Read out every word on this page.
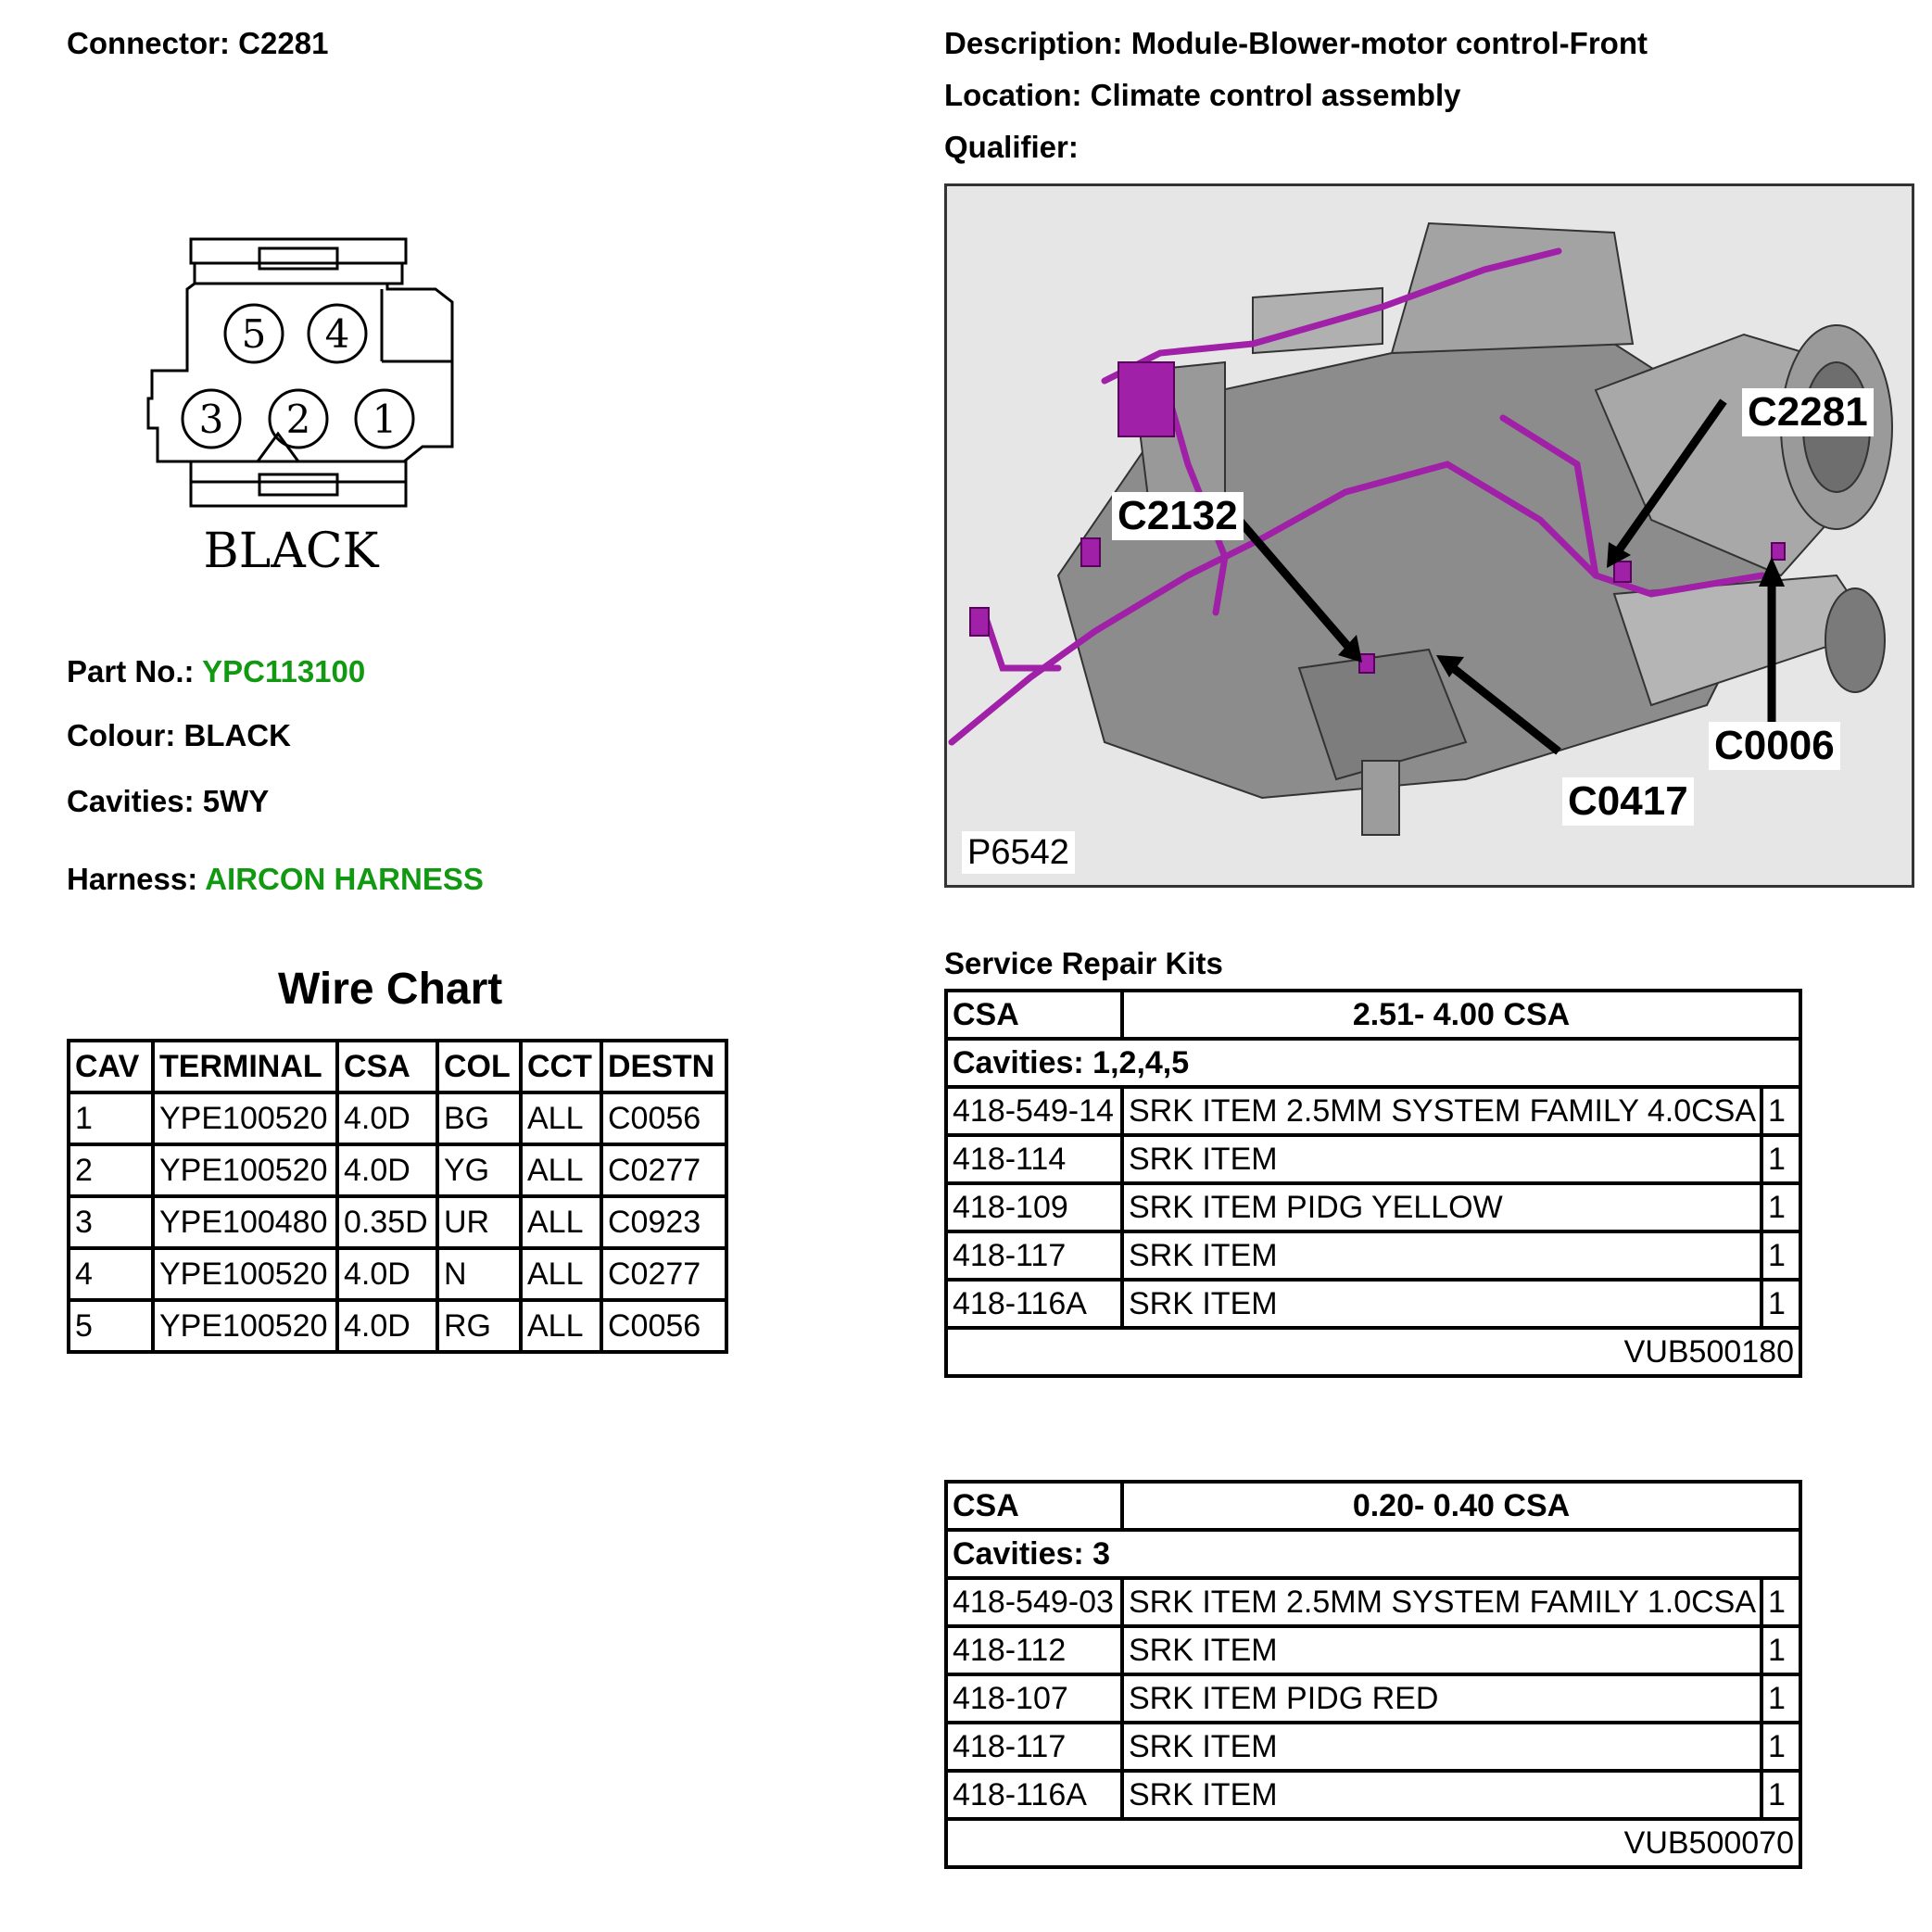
Connector: C2281	Description: Module-Blower-motor control-Front
Location: Climate control assembly
Qualifier:
5 4
3 2 1
BLACK
Part No.: YPC113100
Colour: BLACK
Cavities: 5WY
Harness: AIRCON HARNESS
C2281
C2132
C0006
C0417
P6542
Wire Chart
CAV	TERMINAL	CSA	COL	CCT	DESTN
1	YPE100520	4.0D	BG	ALL	C0056
2	YPE100520	4.0D	YG	ALL	C0277
3	YPE100480	0.35D	UR	ALL	C0923
4	YPE100520	4.0D	N	ALL	C0277
5	YPE100520	4.0D	RG	ALL	C0056
Service Repair Kits
CSA	2.51- 4.00 CSA	
Cavities: 1,2,4,5		
418-549-14	SRK ITEM 2.5MM SYSTEM FAMILY 4.0CSA	1
418-114	SRK ITEM	1
418-109	SRK ITEM PIDG YELLOW	1
418-117	SRK ITEM	1
418-116A	SRK ITEM	1
VUB500180		
CSA	0.20- 0.40 CSA	
Cavities: 3		
418-549-03	SRK ITEM 2.5MM SYSTEM FAMILY 1.0CSA	1
418-112	SRK ITEM	1
418-107	SRK ITEM PIDG RED	1
418-117	SRK ITEM	1
418-116A	SRK ITEM	1
VUB500070		
